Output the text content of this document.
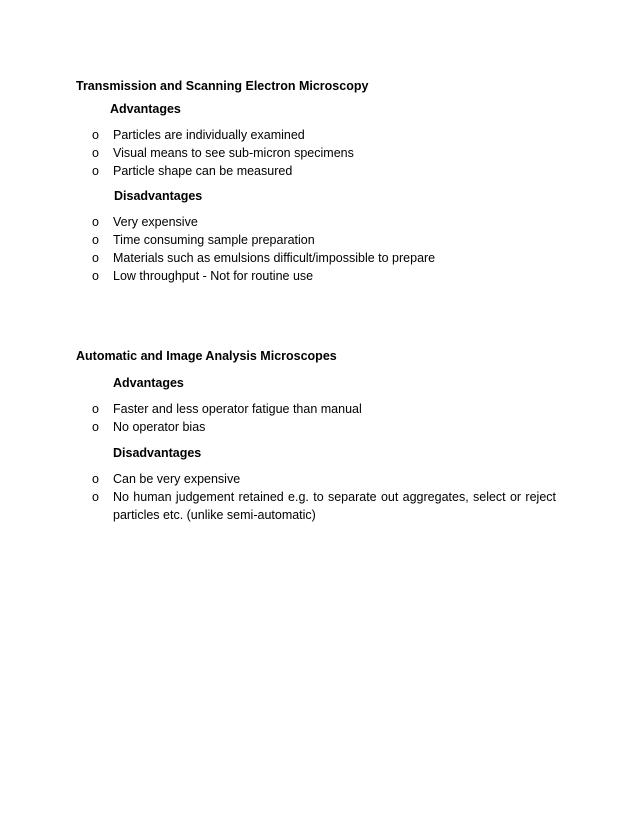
Transmission and Scanning Electron Microscopy
Advantages
o Particles are individually examined
o Visual means to see sub-micron specimens
o Particle shape can be measured
Disadvantages
o Very expensive
o Time consuming sample preparation
o Materials such as emulsions difficult/impossible to prepare
o Low throughput - Not for routine use
Automatic and Image Analysis Microscopes
Advantages
o Faster and less operator fatigue than manual
o No operator bias
Disadvantages
o Can be very expensive
o No human judgement retained e.g. to separate out aggregates, select or reject particles etc. (unlike semi-automatic)
